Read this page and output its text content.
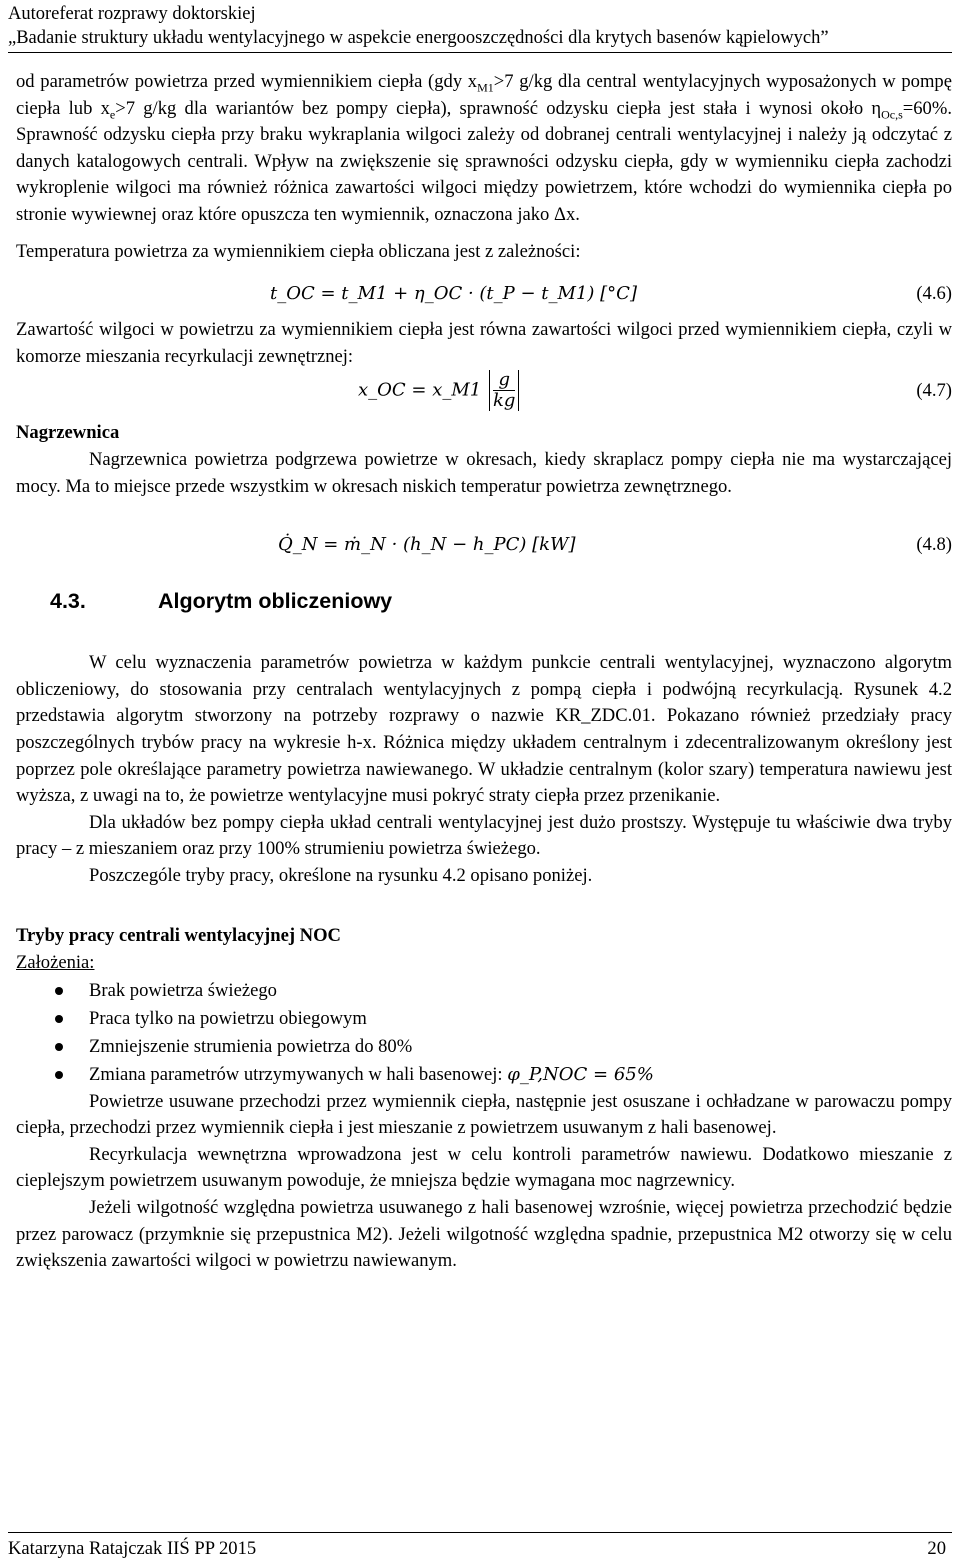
Autoreferat rozprawy doktorskiej
„Badanie struktury układu wentylacyjnego w aspekcie energooszczędności dla krytych basenów kąpielowych”

od parametrów powietrza przed wymiennikiem ciepła (gdy $x_{M1}>7$ g/kg dla central wentylacyjnych wyposażonych w pompę ciepła lub $x_e>7$ g/kg dla wariantów bez pompy ciepła), sprawność odzysku ciepła jest stała i wynosi około $\eta_{Oc,s}=60\%$. Sprawność odzysku ciepła przy braku wykraplania wilgoci zależy od dobranej centrali wentylacyjnej i należy ją odczytać z danych katalogowych centrali. Wpływ na zwiększenie się sprawności odzysku ciepła, gdy w wymienniku ciepła zachodzi wykroplenie wilgoci ma również różnica zawartości wilgoci między powietrzem, które wchodzi do wymiennika ciepła po stronie wywiewnej oraz które opuszcza ten wymiennik, oznaczona jako Δx.

Temperatura powietrza za wymiennikiem ciepła obliczana jest z zależności:

t_OC = t_M1 + η_OC · (t_P − t_M1) [°C]	(4.6)

Zawartość wilgoci w powietrzu za wymiennikiem ciepła jest równa zawartości wilgoci przed wymiennikiem ciepła, czyli w komorze mieszania recyrkulacji zewnętrznej:

x_OC = x_M1 $\frac{g}{kg}$	(4.7)

Nagrzewnica

Nagrzewnica powietrza podgrzewa powietrze w okresach, kiedy skraplacz pompy ciepła nie ma wystarczającej mocy. Ma to miejsce przede wszystkim w okresach niskich temperatur powietrza zewnętrznego.

Q̇_N = ṁ_N · (h_N − h_PC) [kW]	(4.8)
4.3.	Algorytm obliczeniowy

W celu wyznaczenia parametrów powietrza w każdym punkcie centrali wentylacyjnej, wyznaczono algorytm obliczeniowy, do stosowania przy centralach wentylacyjnych z pompą ciepła i podwójną recyrkulacją. Rysunek 4.2 przedstawia algorytm stworzony na potrzeby rozprawy o nazwie KR_ZDC.01. Pokazano również przedziały pracy poszczególnych trybów pracy na wykresie h-x. Różnica między układem centralnym i zdecentralizowanym określony jest poprzez pole określające parametry powietrza nawiewanego. W układzie centralnym (kolor szary) temperatura nawiewu jest wyższa, z uwagi na to, że powietrze wentylacyjne musi pokryć straty ciepła przez przenikanie.

Dla układów bez pompy ciepła układ centrali wentylacyjnej jest dużo prostszy. Występuje tu właściwie dwa tryby pracy – z mieszaniem oraz przy 100% strumieniu powietrza świeżego.

Poszczególe tryby pracy, określone na rysunku 4.2 opisano poniżej.

Tryby pracy centrali wentylacyjnej NOC

Założenia:

Brak powietrza świeżego
Praca tylko na powietrzu obiegowym
Zmniejszenie strumienia powietrza do 80%
Zmiana parametrów utrzymywanych w hali basenowej: φ_P,NOC = 65%

Powietrze usuwane przechodzi przez wymiennik ciepła, następnie jest osuszane i ochładzane w parowaczu pompy ciepła, przechodzi przez wymiennik ciepła i jest mieszanie z powietrzem usuwanym z hali basenowej.

Recyrkulacja wewnętrzna wprowadzona jest w celu kontroli parametrów nawiewu. Dodatkowo mieszanie z cieplejszym powietrzem usuwanym powoduje, że mniejsza będzie wymagana moc nagrzewnicy.

Jeżeli wilgotność względna powietrza usuwanego z hali basenowej wzrośnie, więcej powietrza przechodzić będzie przez parowacz (przymknie się przepustnica M2). Jeżeli wilgotność względna spadnie, przepustnica M2 otworzy się w celu zwiększenia zawartości wilgoci w powietrzu nawiewanym.

Katarzyna Ratajczak IIŚ PP 2015	20
